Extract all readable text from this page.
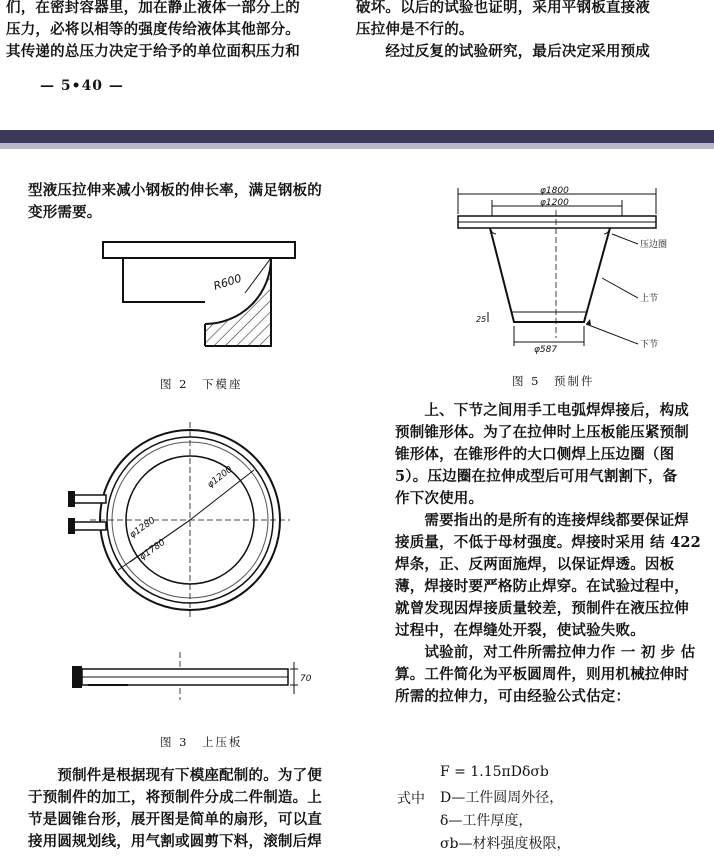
们，在密封容器里，加在静止液体一部分上的
压力，必将以相等的强度传给液体其他部分。
其传递的总压力决定于给予的单位面积压力和
破坏。以后的试验也证明，采用平钢板直接液
压拉伸是不行的。
　　经过反复的试验研究，最后决定采用预成
— 5•40 —
型液压拉伸来减小钢板的伸长率，满足钢板的
变形需要。
R600
图 2　下模座
φ1200
φ1280
φ1780
70
图 3　上压板
　　预制件是根据现有下模座配制的。为了便
于预制件的加工，将预制件分成二件制造。上
节是圆锥台形，展开图是简单的扇形，可以直
接用圆规划线，用气割或圆剪下料，滚制后焊
φ1800
φ1200
φ587
25
压边圈
上节
下节
图 5　预制件
　　上、下节之间用手工电弧焊焊接后，构成
预制锥形体。为了在拉伸时上压板能压紧预制
锥形体，在锥形件的大口侧焊上压边圈（图
5）。压边圈在拉伸成型后可用气割割下，备
作下次使用。
　　需要指出的是所有的连接焊线都要保证焊
接质量，不低于母材强度。焊接时采用 结 422
焊条，正、反两面施焊，以保证焊透。因板
薄，焊接时要严格防止焊穿。在试验过程中，
就曾发现因焊接质量较差，预制件在液压拉伸
过程中，在焊缝处开裂，使试验失败。
　　试验前，对工件所需拉伸力作 一 初 步 估
算。工件简化为平板圆周件，则用机械拉伸时
所需的拉伸力，可由经验公式估定：
F = 1.15πDδσb
式中 D—工件圆周外径，
δ—工件厚度，
σb—材料强度极限，
